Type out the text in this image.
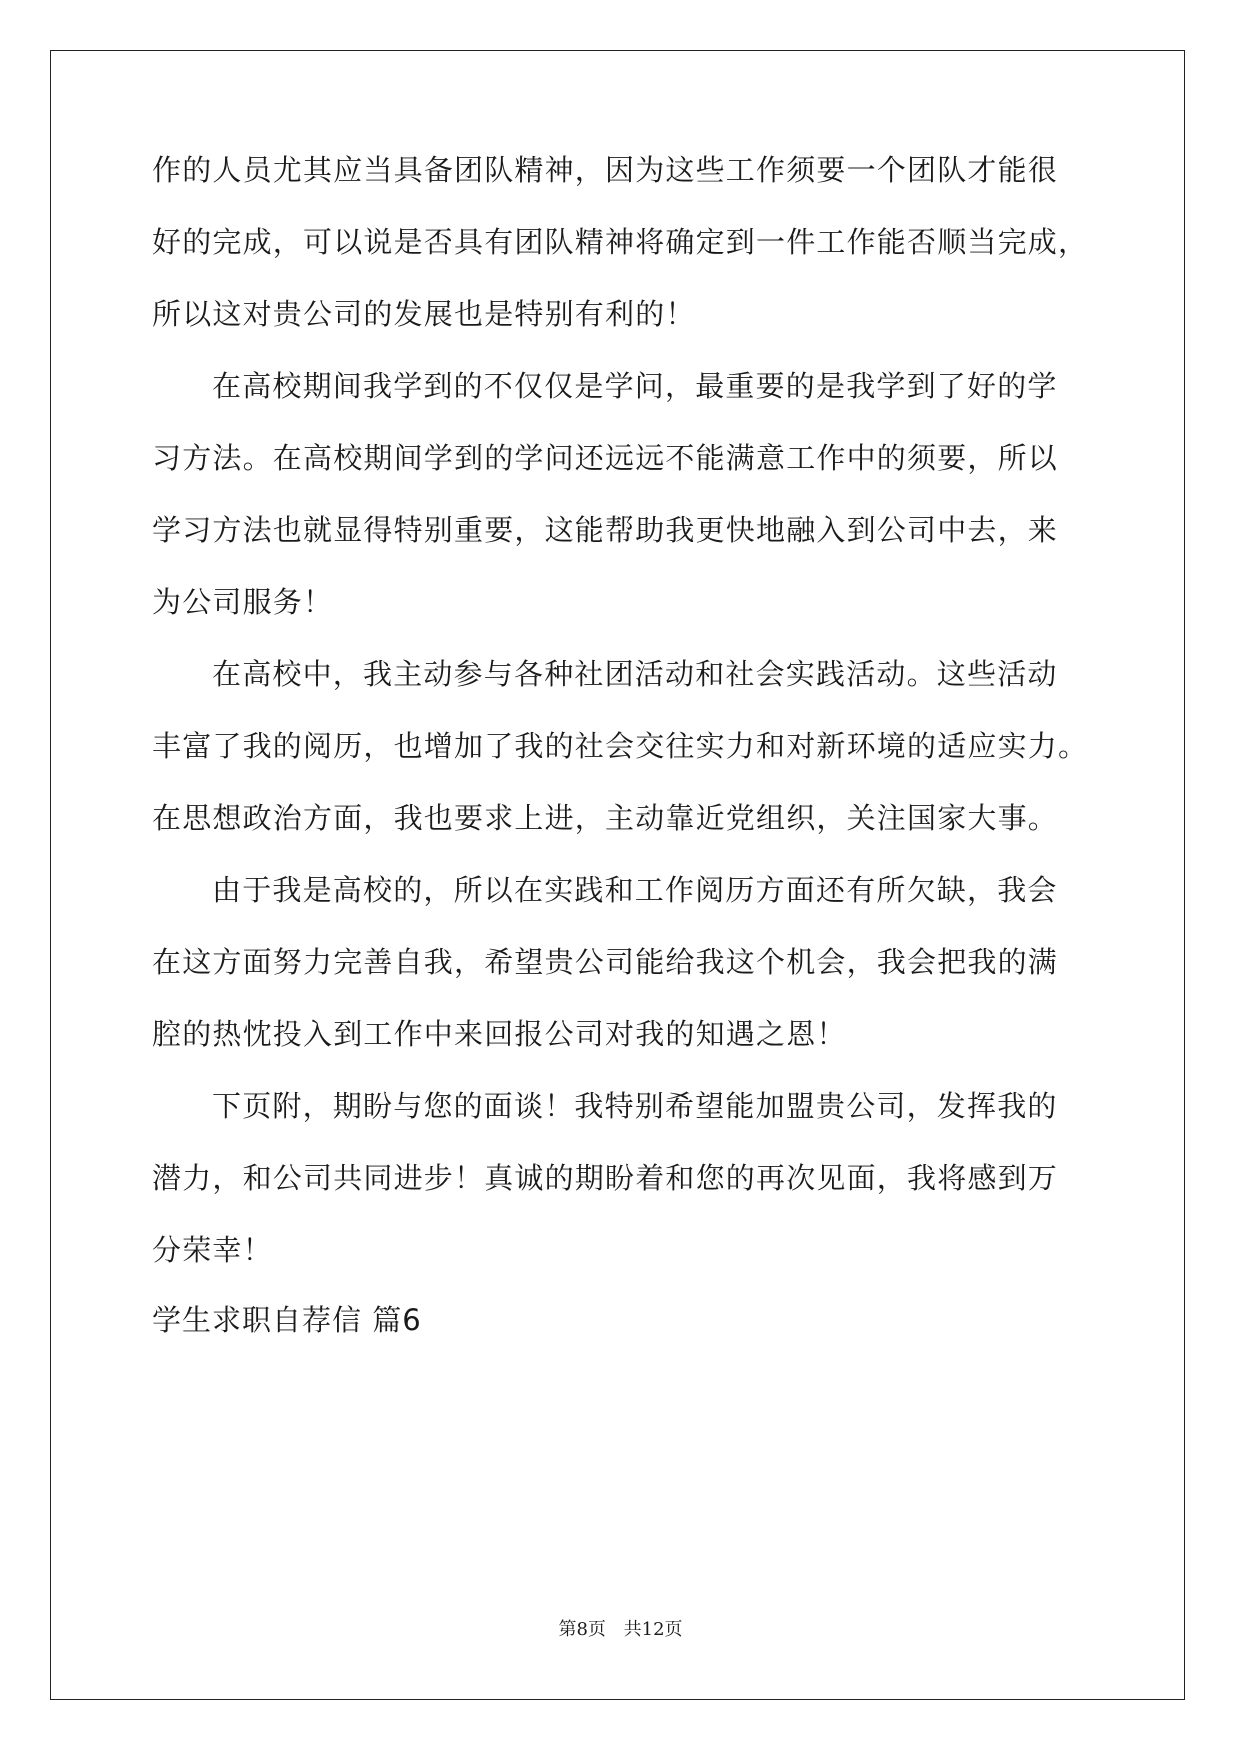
作的人员尤其应当具备团队精神，因为这些工作须要一个团队才能很
好的完成，可以说是否具有团队精神将确定到一件工作能否顺当完成，
所以这对贵公司的发展也是特别有利的！
在高校期间我学到的不仅仅是学问，最重要的是我学到了好的学
习方法。在高校期间学到的学问还远远不能满意工作中的须要，所以
学习方法也就显得特别重要，这能帮助我更快地融入到公司中去，来
为公司服务！
在高校中，我主动参与各种社团活动和社会实践活动。这些活动
丰富了我的阅历，也增加了我的社会交往实力和对新环境的适应实力。
在思想政治方面，我也要求上进，主动靠近党组织，关注国家大事。
由于我是高校的，所以在实践和工作阅历方面还有所欠缺，我会
在这方面努力完善自我，希望贵公司能给我这个机会，我会把我的满
腔的热忱投入到工作中来回报公司对我的知遇之恩！
下页附，期盼与您的面谈！我特别希望能加盟贵公司，发挥我的
潜力，和公司共同进步！真诚的期盼着和您的再次见面，我将感到万
分荣幸！
学生求职自荐信 篇6
第8页 共12页
